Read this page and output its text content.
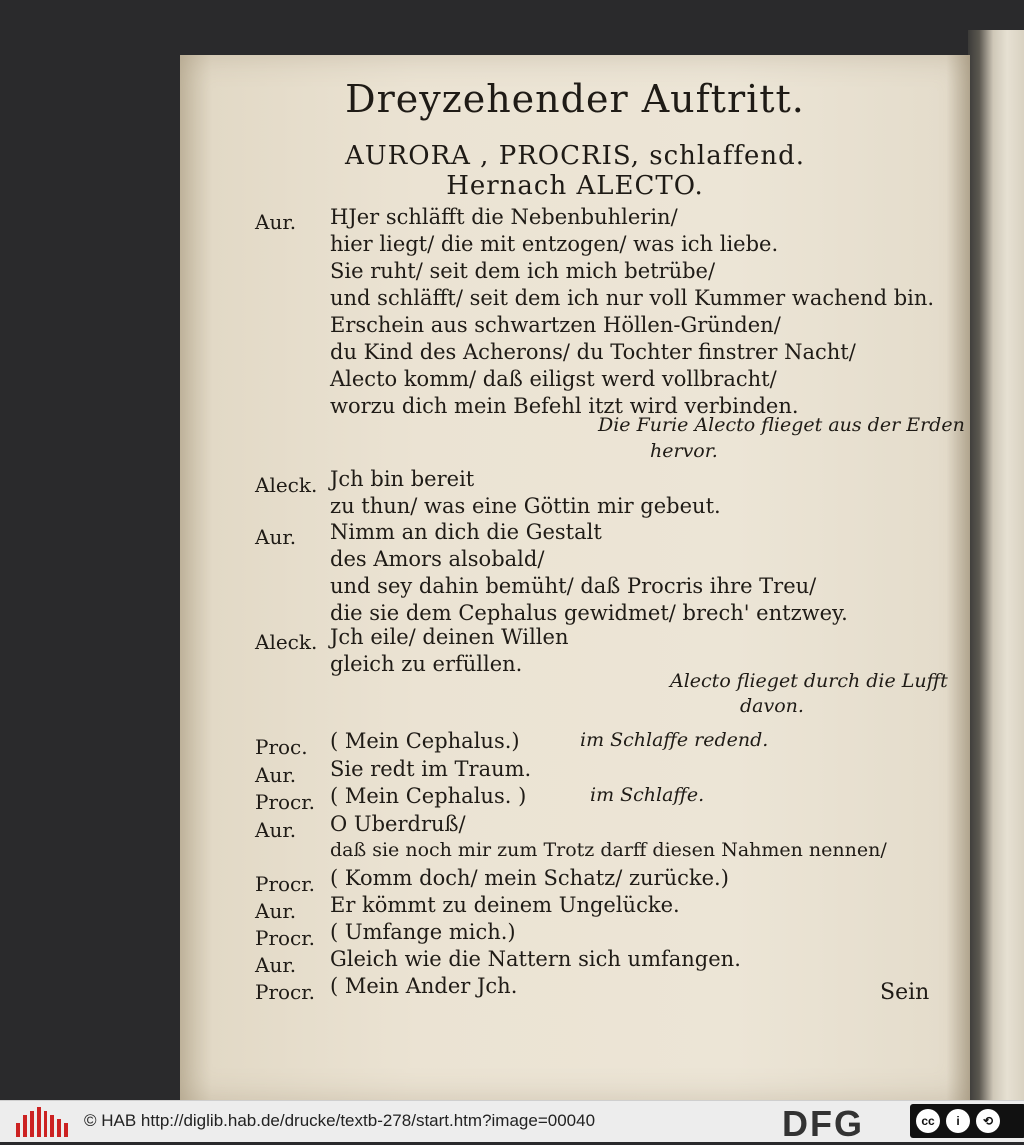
Dreyzehender Auftritt.
AURORA , PROCRIS, schlaffend.
Hernach ALECTO.
Aur. HJer schläfft die Nebenbuhlerin/
hier liegt/ die mit entzogen/ was ich liebe.
Sie ruht/ seit dem ich mich betrübe/
und schläfft/ seit dem ich nur voll Kummer wachend bin.
Erschein aus schwartzen Höllen-Gründen/
du Kind des Acherons/ du Tochter finstrer Nacht/
Alecto komm/ daß eiligst werd vollbracht/
worzu dich mein Befehl itzt wird verbinden.
Die Furie Alecto flieget aus der Erden
hervor.
Aleck. Jch bin bereit
zu thun/ was eine Göttin mir gebeut.
Aur. Nimm an dich die Gestalt
des Amors alsobald/
und sey dahin bemüht/ daß Procris ihre Treu/
die sie dem Cephalus gewidmet/ brech' entzwey.
Aleck. Jch eile/ deinen Willen
gleich zu erfüllen.
Alecto flieget durch die Lufft
davon.
Proc. ( Mein Cephalus.)	im Schlaffe redend.
Aur. Sie redt im Traum.
Procr. ( Mein Cephalus. )	im Schlaffe.
Aur. O Uberdruß/
daß sie noch mir zum Trotz darff diesen Nahmen nennen/
Procr. ( Komm doch/ mein Schatz/ zurücke.)
Aur. Er kömmt zu deinem Ungelücke.
Procr. ( Umfange mich.)
Aur. Gleich wie die Nattern sich umfangen.
Procr. ( Mein Ander Jch.	Sein
© HAB http://diglib.hab.de/drucke/textb-278/start.htm?image=00040	DFG	cc	i	⟲
